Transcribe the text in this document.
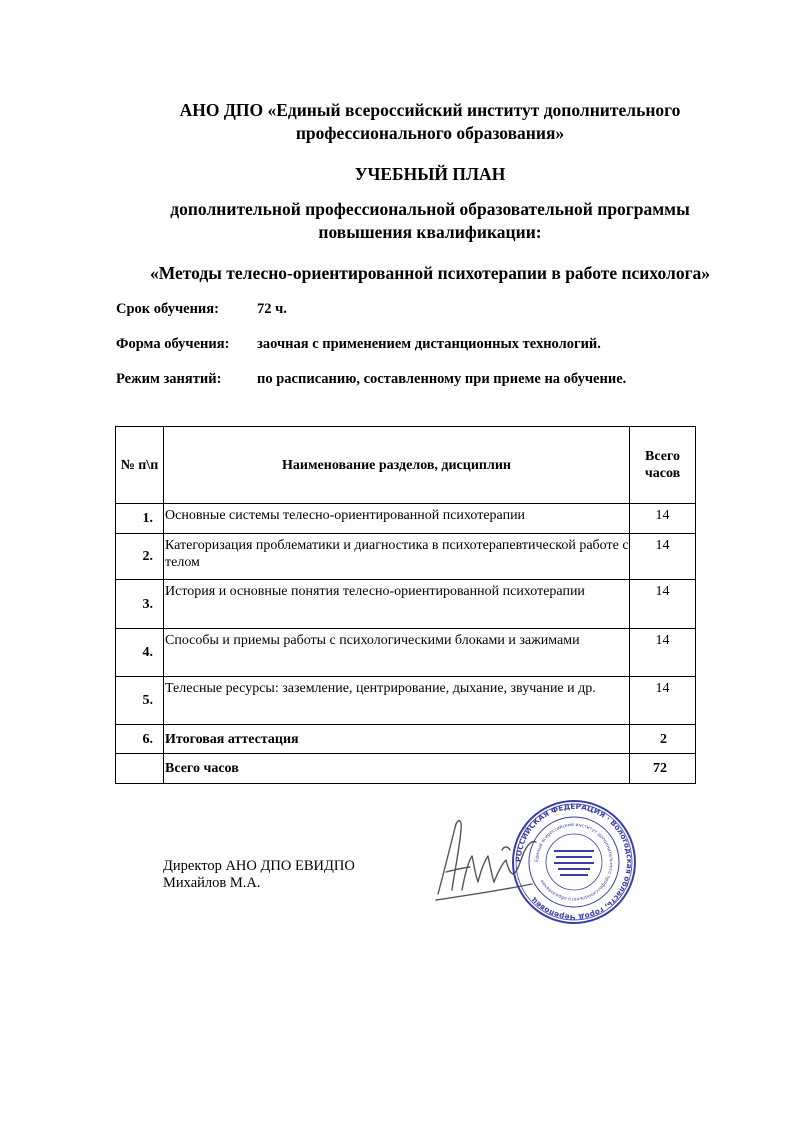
АНО ДПО «Единый всероссийский институт дополнительного
профессионального образования»
УЧЕБНЫЙ ПЛАН
дополнительной профессиональной образовательной программы
повышения квалификации:
«Методы телесно-ориентированной психотерапии в работе психолога»
Срок обучения:	72 ч.
Форма обучения: заочная с применением дистанционных технологий.
Режим занятий: по расписанию, составленному при приеме на обучение.
№ п\п	Наименование разделов, дисциплин	Всего
часов

1.	Основные системы телесно-ориентированной психотерапии	14
2.	Категоризация проблематики и диагностика в психотерапевтической работе с телом	14
3.	История и основные понятия телесно-ориентированной психотерапии	14
4.	Способы и приемы работы с психологическими блоками и зажимами	14
5.	Телесные ресурсы: заземление, центрирование, дыхание, звучание и др.	14
6.	Итоговая аттестация	2
	Всего часов	72
Директор АНО ДПО ЕВИДПО
Михайлов М.А.
РОССИЙСКАЯ ФЕДЕРАЦИЯ · Вологодская область, город Череповец
Единый всероссийский институт дополнительного профессионального образования
